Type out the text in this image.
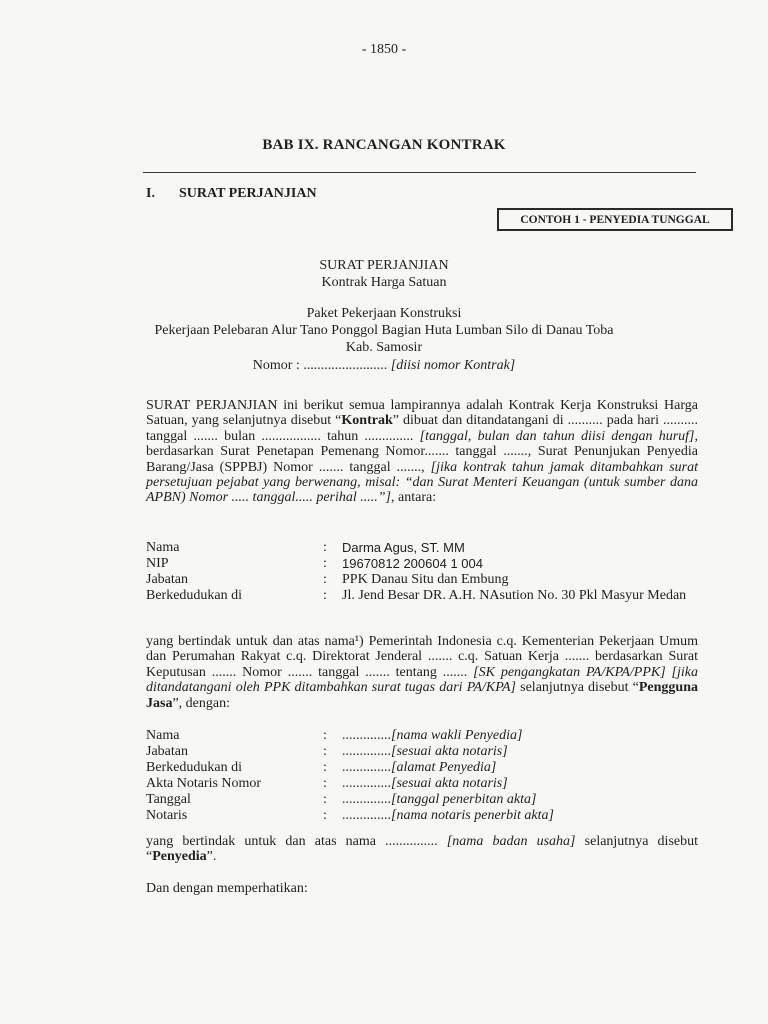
- 1850 -
BAB IX. RANCANGAN KONTRAK
I. SURAT PERJANJIAN
CONTOH 1 - PENYEDIA TUNGGAL
SURAT PERJANJIAN
Kontrak Harga Satuan
Paket Pekerjaan Konstruksi
Pekerjaan Pelebaran Alur Tano Ponggol Bagian Huta Lumban Silo di Danau Toba
Kab. Samosir
Nomor : ........................ [diisi nomor Kontrak]
SURAT PERJANJIAN ini berikut semua lampirannya adalah Kontrak Kerja Konstruksi Harga Satuan, yang selanjutnya disebut “Kontrak” dibuat dan ditandatangani di .......... pada hari .......... tanggal ....... bulan ................. tahun .............. [tanggal, bulan dan tahun diisi dengan huruf], berdasarkan Surat Penetapan Pemenang Nomor....... tanggal ......., Surat Penunjukan Penyedia Barang/Jasa (SPPBJ) Nomor ....... tanggal ......., [jika kontrak tahun jamak ditambahkan surat persetujuan pejabat yang berwenang, misal: “dan Surat Menteri Keuangan (untuk sumber dana APBN) Nomor ..... tanggal..... perihal .....”], antara:
Nama	: Darma Agus, ST. MM
NIP	: 19670812 200604 1 004
Jabatan	: PPK Danau Situ dan Embung
Berkedudukan di	: Jl. Jend Besar DR. A.H. NAsution No. 30 Pkl Masyur Medan
yang bertindak untuk dan atas nama¹) Pemerintah Indonesia c.q. Kementerian Pekerjaan Umum dan Perumahan Rakyat c.q. Direktorat Jenderal ....... c.q. Satuan Kerja ....... berdasarkan Surat Keputusan ....... Nomor ....... tanggal ....... tentang ....... [SK pengangkatan PA/KPA/PPK] [jika ditandatangani oleh PPK ditambahkan surat tugas dari PA/KPA] selanjutnya disebut “Pengguna Jasa”, dengan:
Nama	: ..............[nama wakli Penyedia]
Jabatan	: ..............[sesuai akta notaris]
Berkedudukan di	: ..............[alamat Penyedia]
Akta Notaris Nomor	: ..............[sesuai akta notaris]
Tanggal	: ..............[tanggal penerbitan akta]
Notaris	: ..............[nama notaris penerbit akta]
yang bertindak untuk dan atas nama ............... [nama badan usaha] selanjutnya disebut “Penyedia”.
Dan dengan memperhatikan:
